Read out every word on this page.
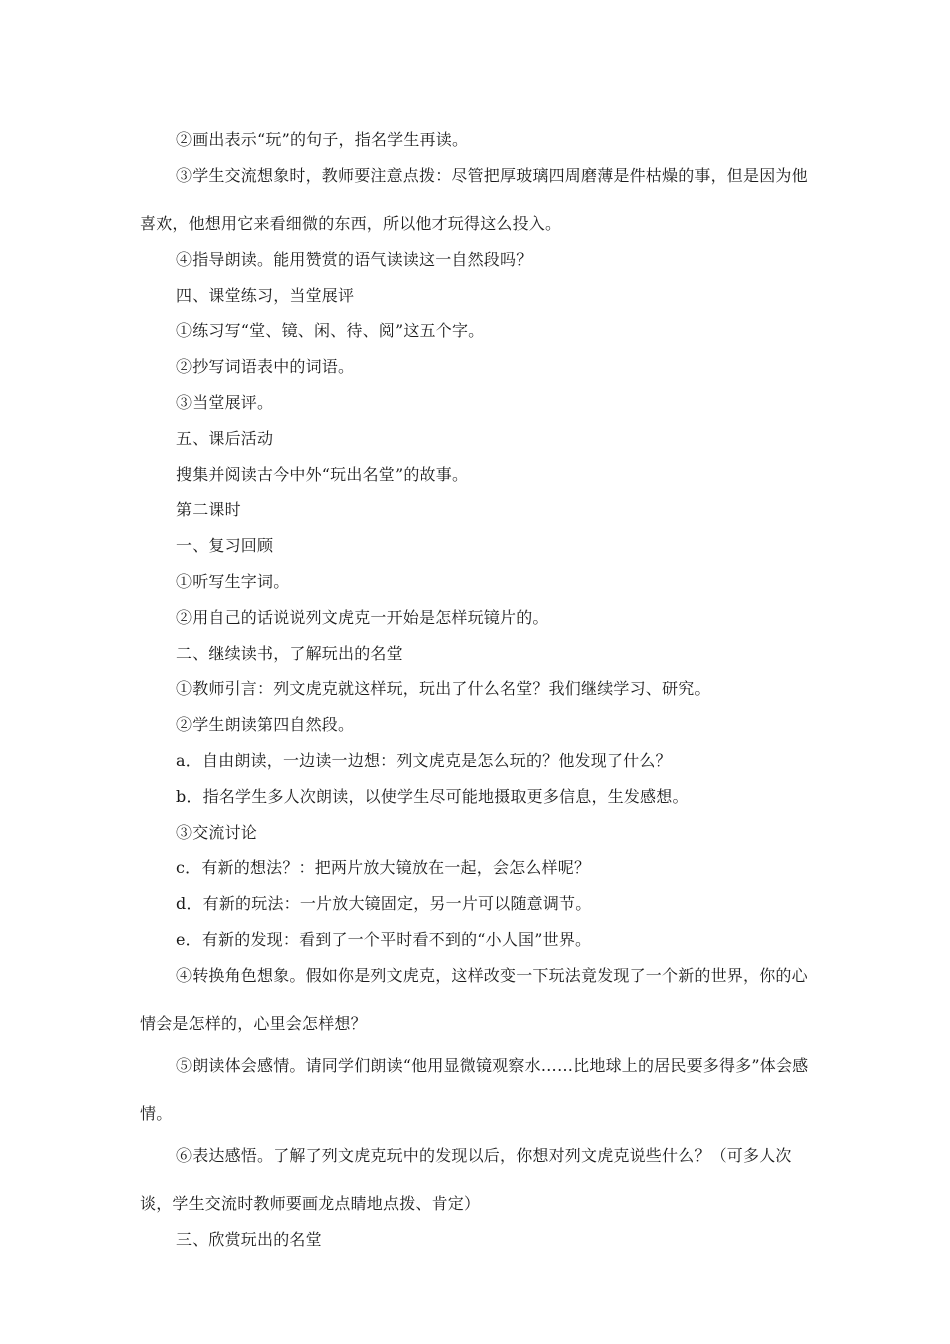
②画出表示“玩”的句子，指名学生再读。

③学生交流想象时，教师要注意点拨：尽管把厚玻璃四周磨薄是件枯燥的事，但是因为他喜欢，他想用它来看细微的东西，所以他才玩得这么投入。

④指导朗读。能用赞赏的语气读读这一自然段吗？

四、课堂练习，当堂展评

①练习写“堂、镜、闲、待、阅”这五个字。

②抄写词语表中的词语。

③当堂展评。

五、课后活动

搜集并阅读古今中外“玩出名堂”的故事。

第二课时

一、复习回顾

①听写生字词。

②用自己的话说说列文虎克一开始是怎样玩镜片的。

二、继续读书，了解玩出的名堂

①教师引言：列文虎克就这样玩，玩出了什么名堂？我们继续学习、研究。

②学生朗读第四自然段。

a．自由朗读，一边读一边想：列文虎克是怎么玩的？他发现了什么？

b．指名学生多人次朗读，以使学生尽可能地摄取更多信息，生发感想。

③交流讨论

c．有新的想法？：把两片放大镜放在一起，会怎么样呢？

d．有新的玩法：一片放大镜固定，另一片可以随意调节。

e．有新的发现：看到了一个平时看不到的“小人国”世界。

④转换角色想象。假如你是列文虎克，这样改变一下玩法竟发现了一个新的世界，你的心情会是怎样的，心里会怎样想？

⑤朗读体会感情。请同学们朗读“他用显微镜观察水……比地球上的居民要多得多”体会感情。

⑥表达感悟。了解了列文虎克玩中的发现以后，你想对列文虎克说些什么？（可多人次谈，学生交流时教师要画龙点睛地点拨、肯定）

三、欣赏玩出的名堂
